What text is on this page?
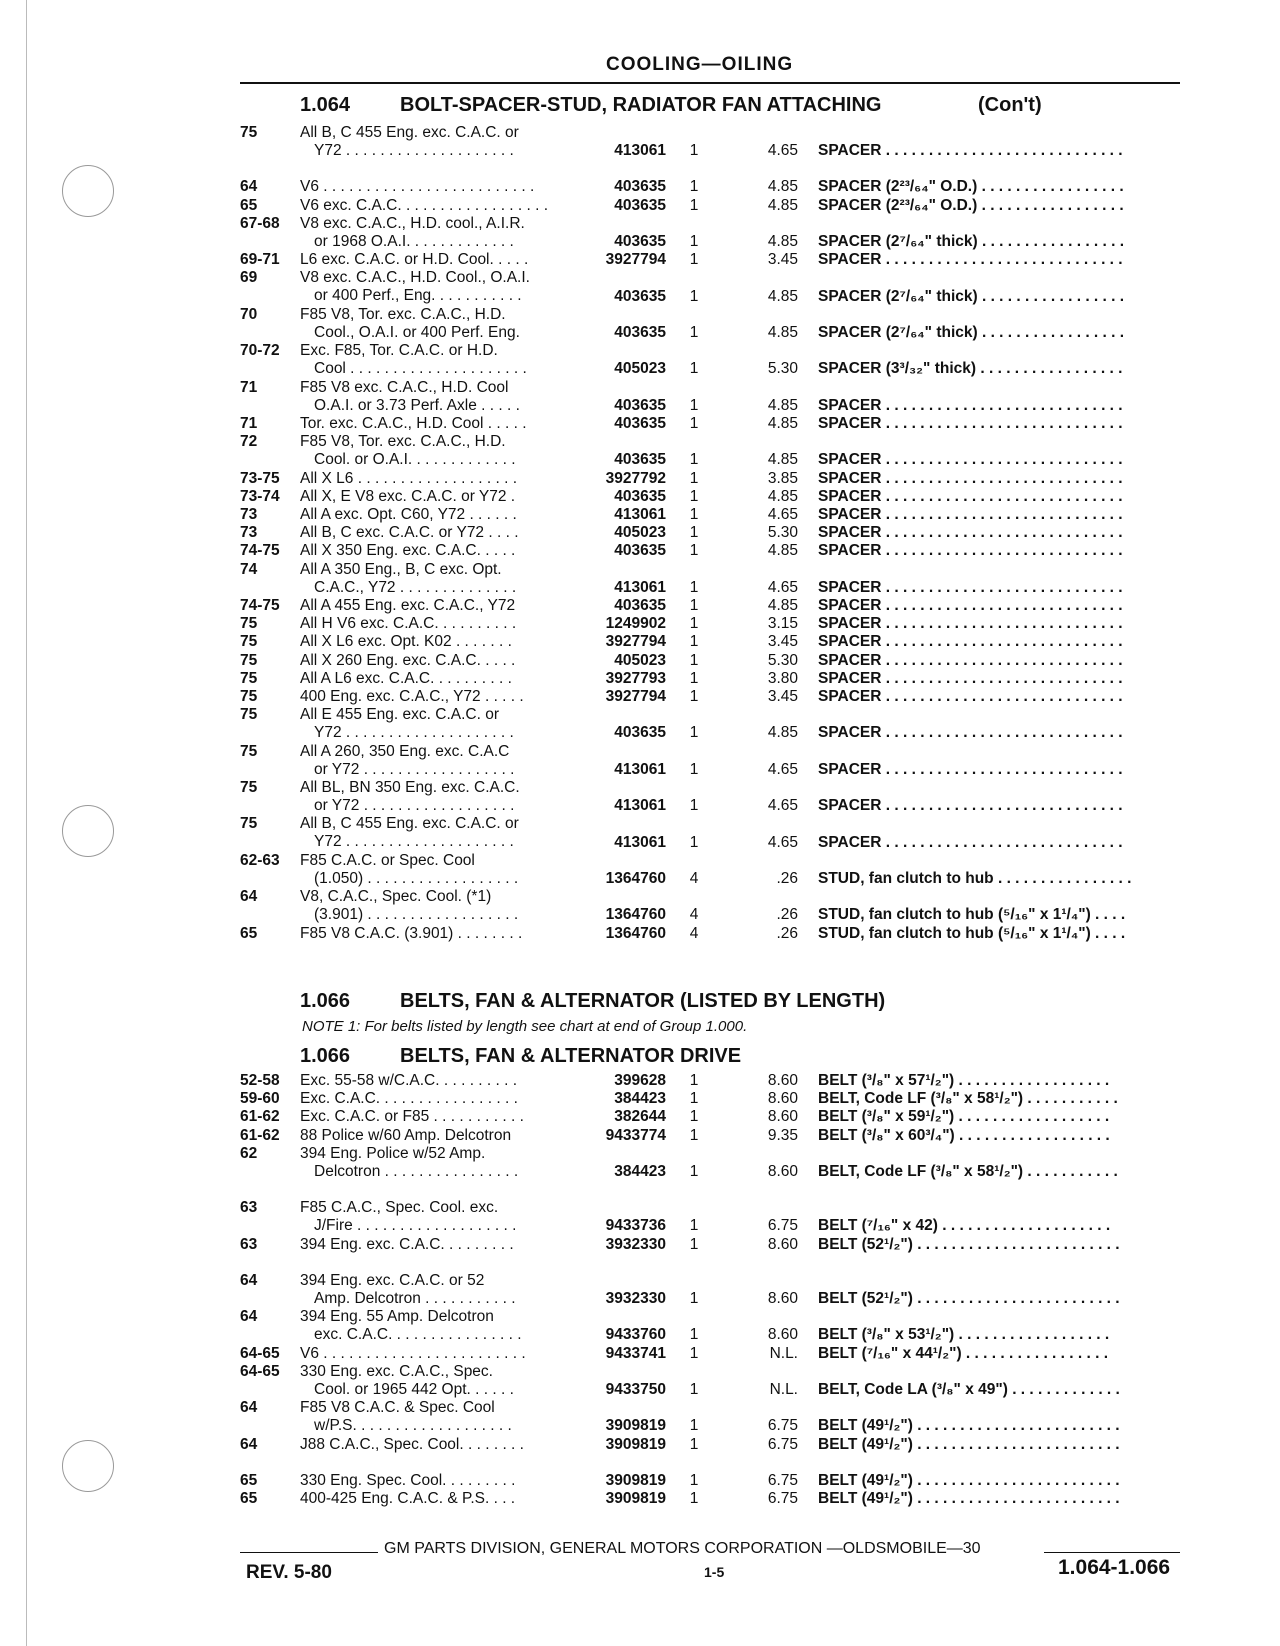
COOLING—OILING
1.064 BOLT-SPACER-STUD, RADIATOR FAN ATTACHING	(Con't)
75	All B, C 455 Eng. exc. C.A.C. or
Y72 . . . . . . . . . . . . . . . . . . . .	413061	1	4.65 SPACER . . . . . . . . . . . . . . . . . . . . . . . . . . . .
64	V6 . . . . . . . . . . . . . . . . . . . . . . . . .	403635	1	4.85 SPACER (2²³/₆₄" O.D.) . . . . . . . . . . . . . . . . .
65	V6 exc. C.A.C. . . . . . . . . . . . . . . . . .	403635	1	4.85 SPACER (2²³/₆₄" O.D.) . . . . . . . . . . . . . . . . .
67-68 V8 exc. C.A.C., H.D. cool., A.I.R.
or 1968 O.A.I. . . . . . . . . . . . .	403635	1	4.85 SPACER (2⁷/₆₄" thick) . . . . . . . . . . . . . . . . .
69-71 L6 exc. C.A.C. or H.D. Cool. . . . .	3927794	1	3.45 SPACER . . . . . . . . . . . . . . . . . . . . . . . . . . . .
69	V8 exc. C.A.C., H.D. Cool., O.A.I.
or 400 Perf., Eng. . . . . . . . . . .	403635	1	4.85 SPACER (2⁷/₆₄" thick) . . . . . . . . . . . . . . . . .
70	F85 V8, Tor. exc. C.A.C., H.D.
Cool., O.A.I. or 400 Perf. Eng.	403635	1	4.85 SPACER (2⁷/₆₄" thick) . . . . . . . . . . . . . . . . .
70-72 Exc. F85, Tor. C.A.C. or H.D.
Cool . . . . . . . . . . . . . . . . . . . . .	405023	1	5.30 SPACER (3³/₃₂" thick) . . . . . . . . . . . . . . . . .
71	F85 V8 exc. C.A.C., H.D. Cool
O.A.I. or 3.73 Perf. Axle . . . . .	403635	1	4.85 SPACER . . . . . . . . . . . . . . . . . . . . . . . . . . . .
71	Tor. exc. C.A.C., H.D. Cool . . . . .	403635	1	4.85 SPACER . . . . . . . . . . . . . . . . . . . . . . . . . . . .
72	F85 V8, Tor. exc. C.A.C., H.D.
Cool. or O.A.I. . . . . . . . . . . . .	403635	1	4.85 SPACER . . . . . . . . . . . . . . . . . . . . . . . . . . . .
73-75 All X L6 . . . . . . . . . . . . . . . . . . .	3927792	1	3.85 SPACER . . . . . . . . . . . . . . . . . . . . . . . . . . . .
73-74 All X, E V8 exc. C.A.C. or Y72 .	403635	1	4.85 SPACER . . . . . . . . . . . . . . . . . . . . . . . . . . . .
73	All A exc. Opt. C60, Y72 . . . . . .	413061	1	4.65 SPACER . . . . . . . . . . . . . . . . . . . . . . . . . . . .
73	All B, C exc. C.A.C. or Y72 . . . .	405023	1	5.30 SPACER . . . . . . . . . . . . . . . . . . . . . . . . . . . .
74-75 All X 350 Eng. exc. C.A.C. . . . .	403635	1	4.85 SPACER . . . . . . . . . . . . . . . . . . . . . . . . . . . .
74	All A 350 Eng., B, C exc. Opt.
C.A.C., Y72 . . . . . . . . . . . . . .	413061	1	4.65 SPACER . . . . . . . . . . . . . . . . . . . . . . . . . . . .
74-75 All A 455 Eng. exc. C.A.C., Y72	403635	1	4.85 SPACER . . . . . . . . . . . . . . . . . . . . . . . . . . . .
75	All H V6 exc. C.A.C. . . . . . . . . .	1249902	1	3.15 SPACER . . . . . . . . . . . . . . . . . . . . . . . . . . . .
75	All X L6 exc. Opt. K02 . . . . . . .	3927794	1	3.45 SPACER . . . . . . . . . . . . . . . . . . . . . . . . . . . .
75	All X 260 Eng. exc. C.A.C. . . . .	405023	1	5.30 SPACER . . . . . . . . . . . . . . . . . . . . . . . . . . . .
75	All A L6 exc. C.A.C. . . . . . . . . .	3927793	1	3.80 SPACER . . . . . . . . . . . . . . . . . . . . . . . . . . . .
75	400 Eng. exc. C.A.C., Y72 . . . . .	3927794	1	3.45 SPACER . . . . . . . . . . . . . . . . . . . . . . . . . . . .
75	All E 455 Eng. exc. C.A.C. or
Y72 . . . . . . . . . . . . . . . . . . . .	403635	1	4.85 SPACER . . . . . . . . . . . . . . . . . . . . . . . . . . . .
75	All A 260, 350 Eng. exc. C.A.C
or Y72 . . . . . . . . . . . . . . . . . .	413061	1	4.65 SPACER . . . . . . . . . . . . . . . . . . . . . . . . . . . .
75	All BL, BN 350 Eng. exc. C.A.C.
or Y72 . . . . . . . . . . . . . . . . . .	413061	1	4.65 SPACER . . . . . . . . . . . . . . . . . . . . . . . . . . . .
75	All B, C 455 Eng. exc. C.A.C. or
Y72 . . . . . . . . . . . . . . . . . . . .	413061	1	4.65 SPACER . . . . . . . . . . . . . . . . . . . . . . . . . . . .
62-63 F85 C.A.C. or Spec. Cool
(1.050) . . . . . . . . . . . . . . . . . .	1364760	4	.26 STUD, fan clutch to hub . . . . . . . . . . . . . . . .
64	V8, C.A.C., Spec. Cool. (*1)
(3.901) . . . . . . . . . . . . . . . . . .	1364760	4	.26 STUD, fan clutch to hub (⁵/₁₆" x 1¹/₄") . . . .
65	F85 V8 C.A.C. (3.901) . . . . . . . .	1364760	4	.26 STUD, fan clutch to hub (⁵/₁₆" x 1¹/₄") . . . .
1.066 BELTS, FAN & ALTERNATOR (LISTED BY LENGTH)
NOTE 1: For belts listed by length see chart at end of Group 1.000.
1.066 BELTS, FAN & ALTERNATOR DRIVE
52-58 Exc. 55-58 w/C.A.C. . . . . . . . . .	399628	1	8.60 BELT (³/₈" x 57¹/₂") . . . . . . . . . . . . . . . . . .
59-60 Exc. C.A.C. . . . . . . . . . . . . . . . .	384423	1	8.60 BELT, Code LF (³/₈" x 58¹/₂") . . . . . . . . . . .
61-62 Exc. C.A.C. or F85 . . . . . . . . . . .	382644	1	8.60 BELT (³/₈" x 59¹/₂") . . . . . . . . . . . . . . . . . .
61-62 88 Police w/60 Amp. Delcotron	9433774	1	9.35 BELT (³/₈" x 60³/₄") . . . . . . . . . . . . . . . . . .
62	394 Eng. Police w/52 Amp.
Delcotron . . . . . . . . . . . . . . . .	384423	1	8.60 BELT, Code LF (³/₈" x 58¹/₂") . . . . . . . . . . .
63	F85 C.A.C., Spec. Cool. exc.
J/Fire . . . . . . . . . . . . . . . . . . .	9433736	1	6.75 BELT (⁷/₁₆" x 42) . . . . . . . . . . . . . . . . . . . .
63	394 Eng. exc. C.A.C. . . . . . . . .	3932330	1	8.60 BELT (52¹/₂") . . . . . . . . . . . . . . . . . . . . . . . .
64	394 Eng. exc. C.A.C. or 52
Amp. Delcotron . . . . . . . . . . .	3932330	1	8.60 BELT (52¹/₂") . . . . . . . . . . . . . . . . . . . . . . . .
64	394 Eng. 55 Amp. Delcotron
exc. C.A.C. . . . . . . . . . . . . . . .	9433760	1	8.60 BELT (³/₈" x 53¹/₂") . . . . . . . . . . . . . . . . . .
64-65 V6 . . . . . . . . . . . . . . . . . . . . . . . .	9433741	1	N.L. BELT (⁷/₁₆" x 44¹/₂") . . . . . . . . . . . . . . . . .
64-65 330 Eng. exc. C.A.C., Spec.
Cool. or 1965 442 Opt. . . . . .	9433750	1	N.L. BELT, Code LA (³/₈" x 49") . . . . . . . . . . . . .
64	F85 V8 C.A.C. & Spec. Cool
w/P.S. . . . . . . . . . . . . . . . . . .	3909819	1	6.75 BELT (49¹/₂") . . . . . . . . . . . . . . . . . . . . . . . .
64	J88 C.A.C., Spec. Cool. . . . . . . .	3909819	1	6.75 BELT (49¹/₂") . . . . . . . . . . . . . . . . . . . . . . . .
65	330 Eng. Spec. Cool. . . . . . . . .	3909819	1	6.75 BELT (49¹/₂") . . . . . . . . . . . . . . . . . . . . . . . .
65	400-425 Eng. C.A.C. & P.S. . . .	3909819	1	6.75 BELT (49¹/₂") . . . . . . . . . . . . . . . . . . . . . . . .
GM PARTS DIVISION, GENERAL MOTORS CORPORATION —OLDSMOBILE—30
REV. 5-80	1-5	1.064-1.066
